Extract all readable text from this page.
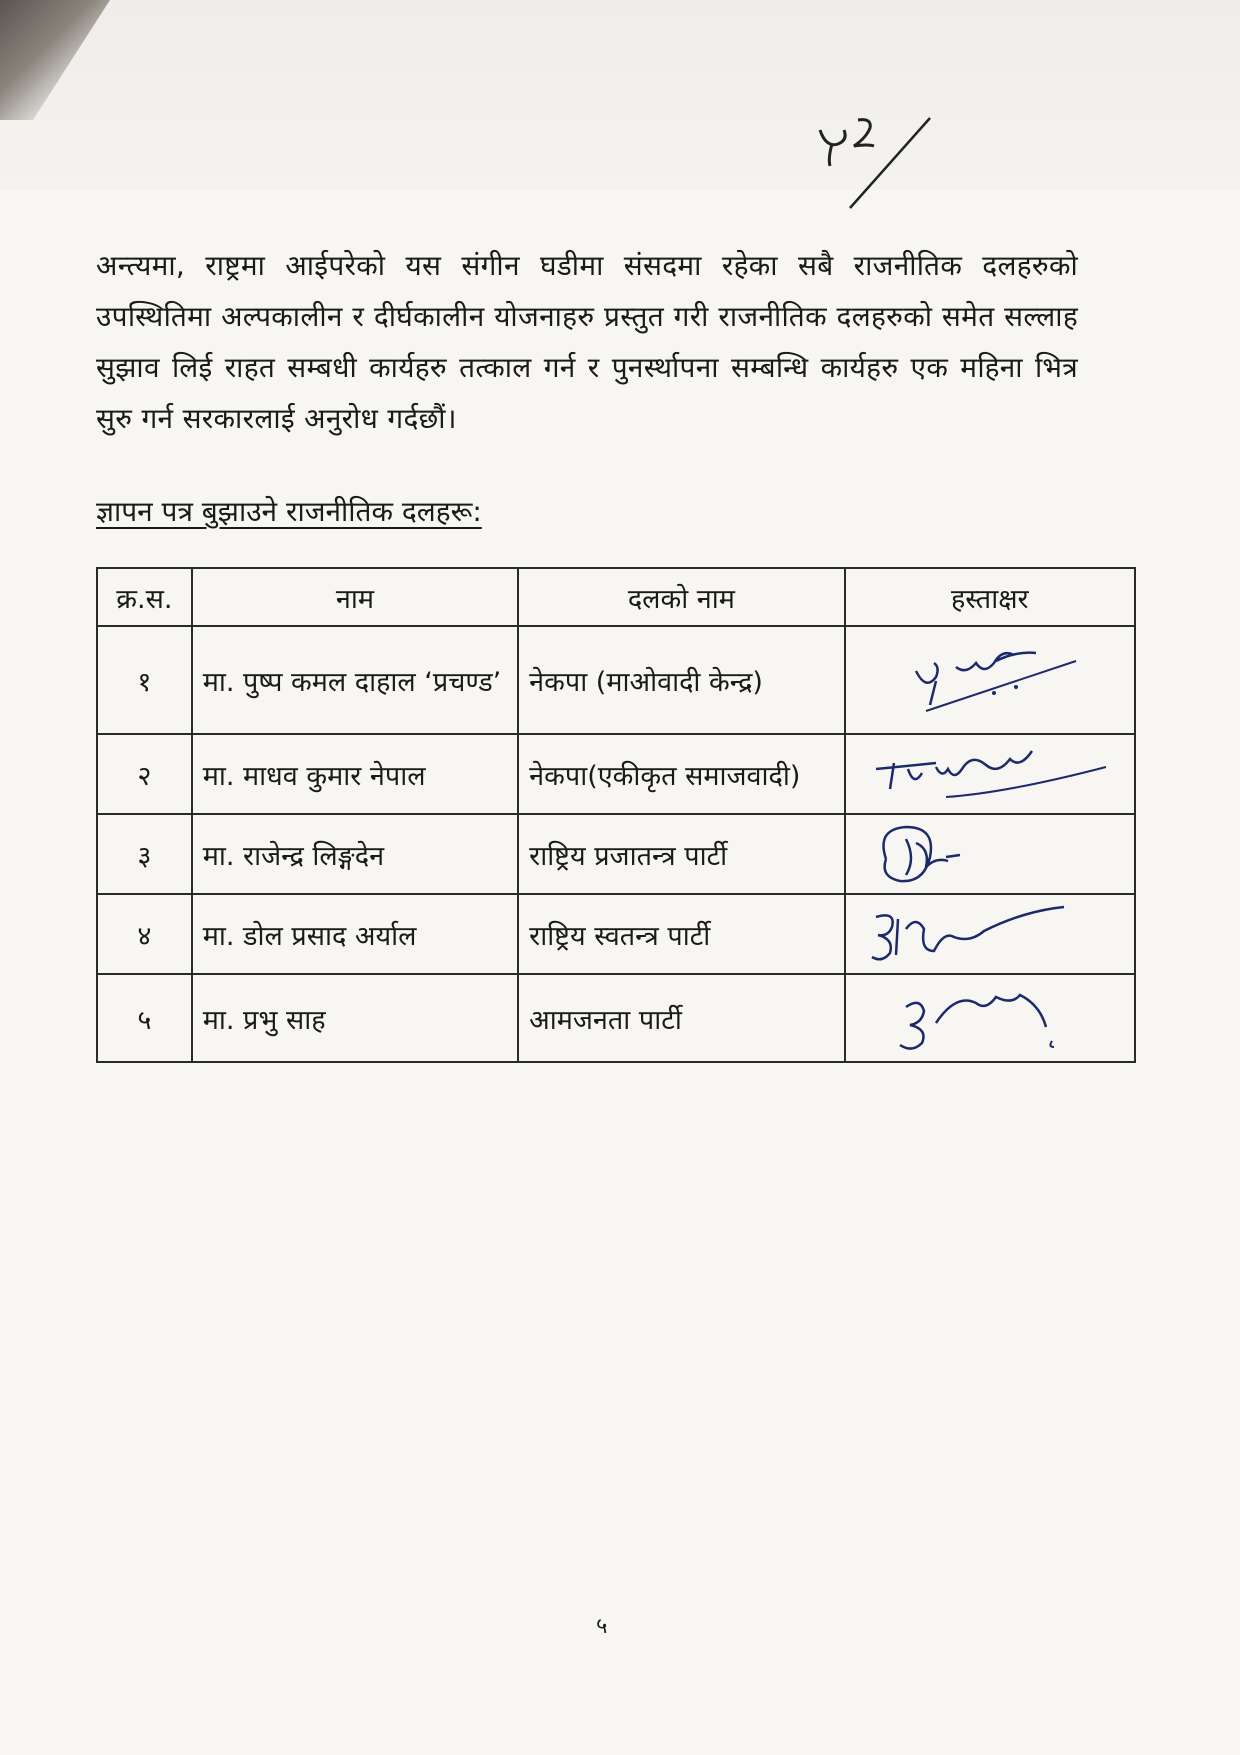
अन्त्यमा, राष्ट्रमा आईपरेको यस संगीन घडीमा संसदमा रहेका सबै राजनीतिक दलहरुको उपस्थितिमा अल्पकालीन र दीर्घकालीन योजनाहरु प्रस्तुत गरी राजनीतिक दलहरुको समेत सल्लाह सुझाव लिई राहत सम्बधी कार्यहरु तत्काल गर्न र पुनर्स्थापना सम्बन्धि कार्यहरु एक महिना भित्र सुरु गर्न सरकारलाई अनुरोध गर्दछौं।
ज्ञापन पत्र बुझाउने राजनीतिक दलहरू:
क्र.स.	नाम	दलको नाम	हस्ताक्षर
१	मा. पुष्प कमल दाहाल ‘प्रचण्ड’	नेकपा (माओवादी केन्द्र)	

२	मा. माधव कुमार नेपाल	नेकपा(एकीकृत समाजवादी)	

३	मा. राजेन्द्र लिङ्गदेन	राष्ट्रिय प्रजातन्त्र पार्टी	

४	मा. डोल प्रसाद अर्याल	राष्ट्रिय स्वतन्त्र पार्टी	

५	मा. प्रभु साह	आमजनता पार्टी	
५
